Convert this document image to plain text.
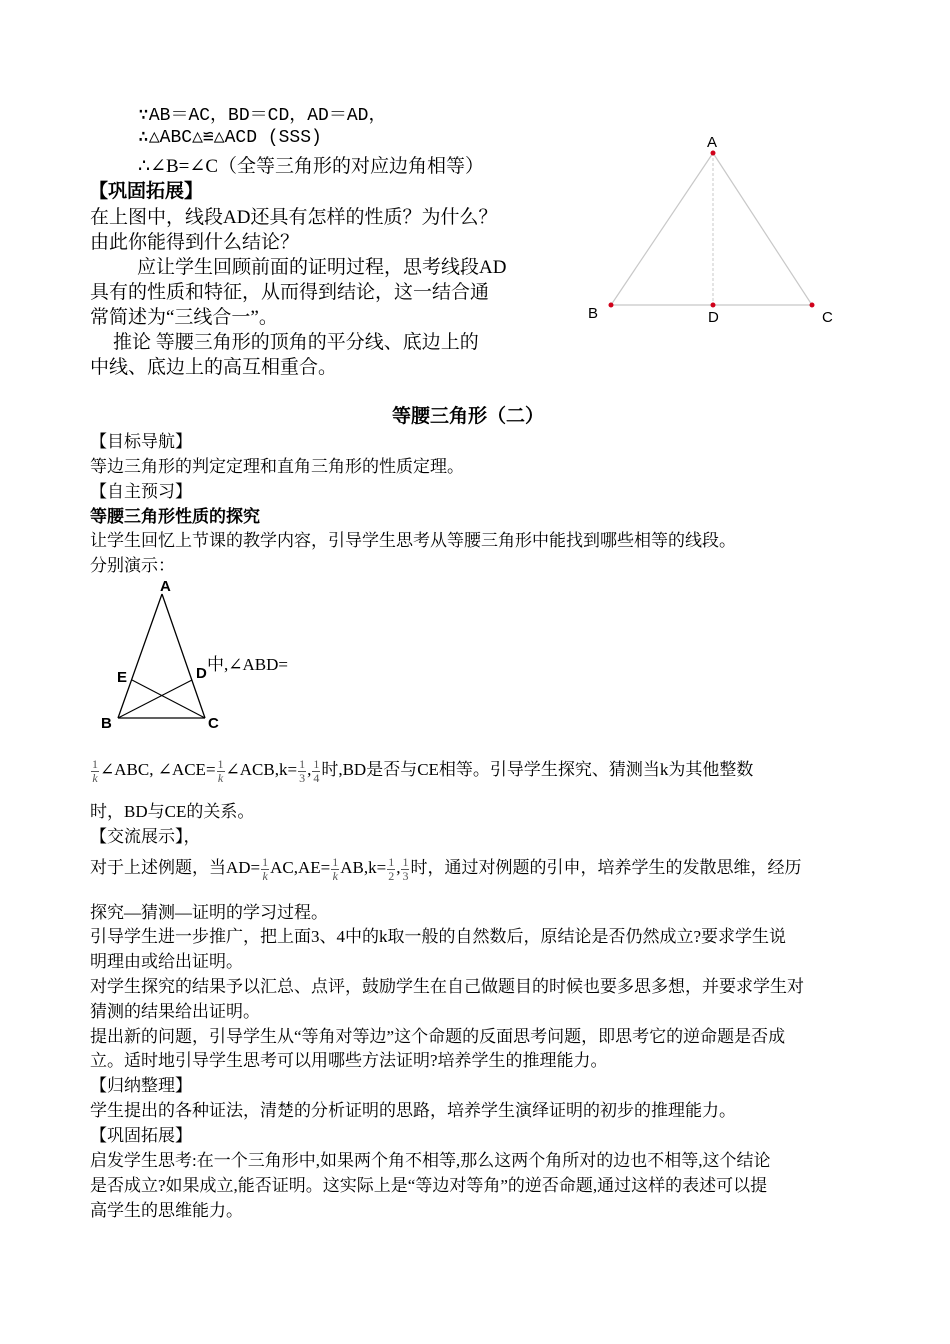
∵AB＝AC，BD＝CD，AD＝AD，
∴△ABC△≌△ACD (SSS)
∴∠B=∠C（全等三角形的对应边角相等）
【巩固拓展】
在上图中，线段AD还具有怎样的性质？为什么？
由此你能得到什么结论？
应让学生回顾前面的证明过程，思考线段AD
具有的性质和特征，从而得到结论，这一结合通
常简述为“三线合一”。
推论 等腰三角形的顶角的平分线、底边上的
中线、底边上的高互相重合。
A
B	D	C
等腰三角形（二）
【目标导航】
等边三角形的判定定理和直角三角形的性质定理。
【自主预习】
等腰三角形性质的探究
让学生回忆上节课的教学内容，引导学生思考从等腰三角形中能找到哪些相等的线段。
分别演示：
A
E	D
B	C
中,∠ABD=
$\frac{1}{k}$ ∠ABC, ∠ACE= $\frac{1}{k}$ ∠ACB,k= $\frac{1}{3}$ , $\frac{1}{4}$ 时,BD是否与CE相等。引导学生探究、猜测当k为其他整数
时，BD与CE的关系。
【交流展示】，
对于上述例题，当$AD= \frac{1}{k} AC,AE= \frac{1}{k} AB,k= \frac{1}{2}$ , $\frac{1}{3}$ 时，通过对例题的引申，培养学生的发散思维，经历
探究—猜测—证明的学习过程。
引导学生进一步推广，把上面3、4中的k取一般的自然数后，原结论是否仍然成立?要求学生说
明理由或给出证明。
对学生探究的结果予以汇总、点评，鼓励学生在自己做题目的时候也要多思多想，并要求学生对
猜测的结果给出证明。
提出新的问题，引导学生从“等角对等边”这个命题的反面思考问题，即思考它的逆命题是否成
立。适时地引导学生思考可以用哪些方法证明?培养学生的推理能力。
【归纳整理】
学生提出的各种证法，清楚的分析证明的思路，培养学生演绎证明的初步的推理能力。
【巩固拓展】
启发学生思考:在一个三角形中,如果两个角不相等,那么这两个角所对的边也不相等,这个结论
是否成立?如果成立,能否证明。这实际上是“等边对等角”的逆否命题,通过这样的表述可以提
高学生的思维能力。
